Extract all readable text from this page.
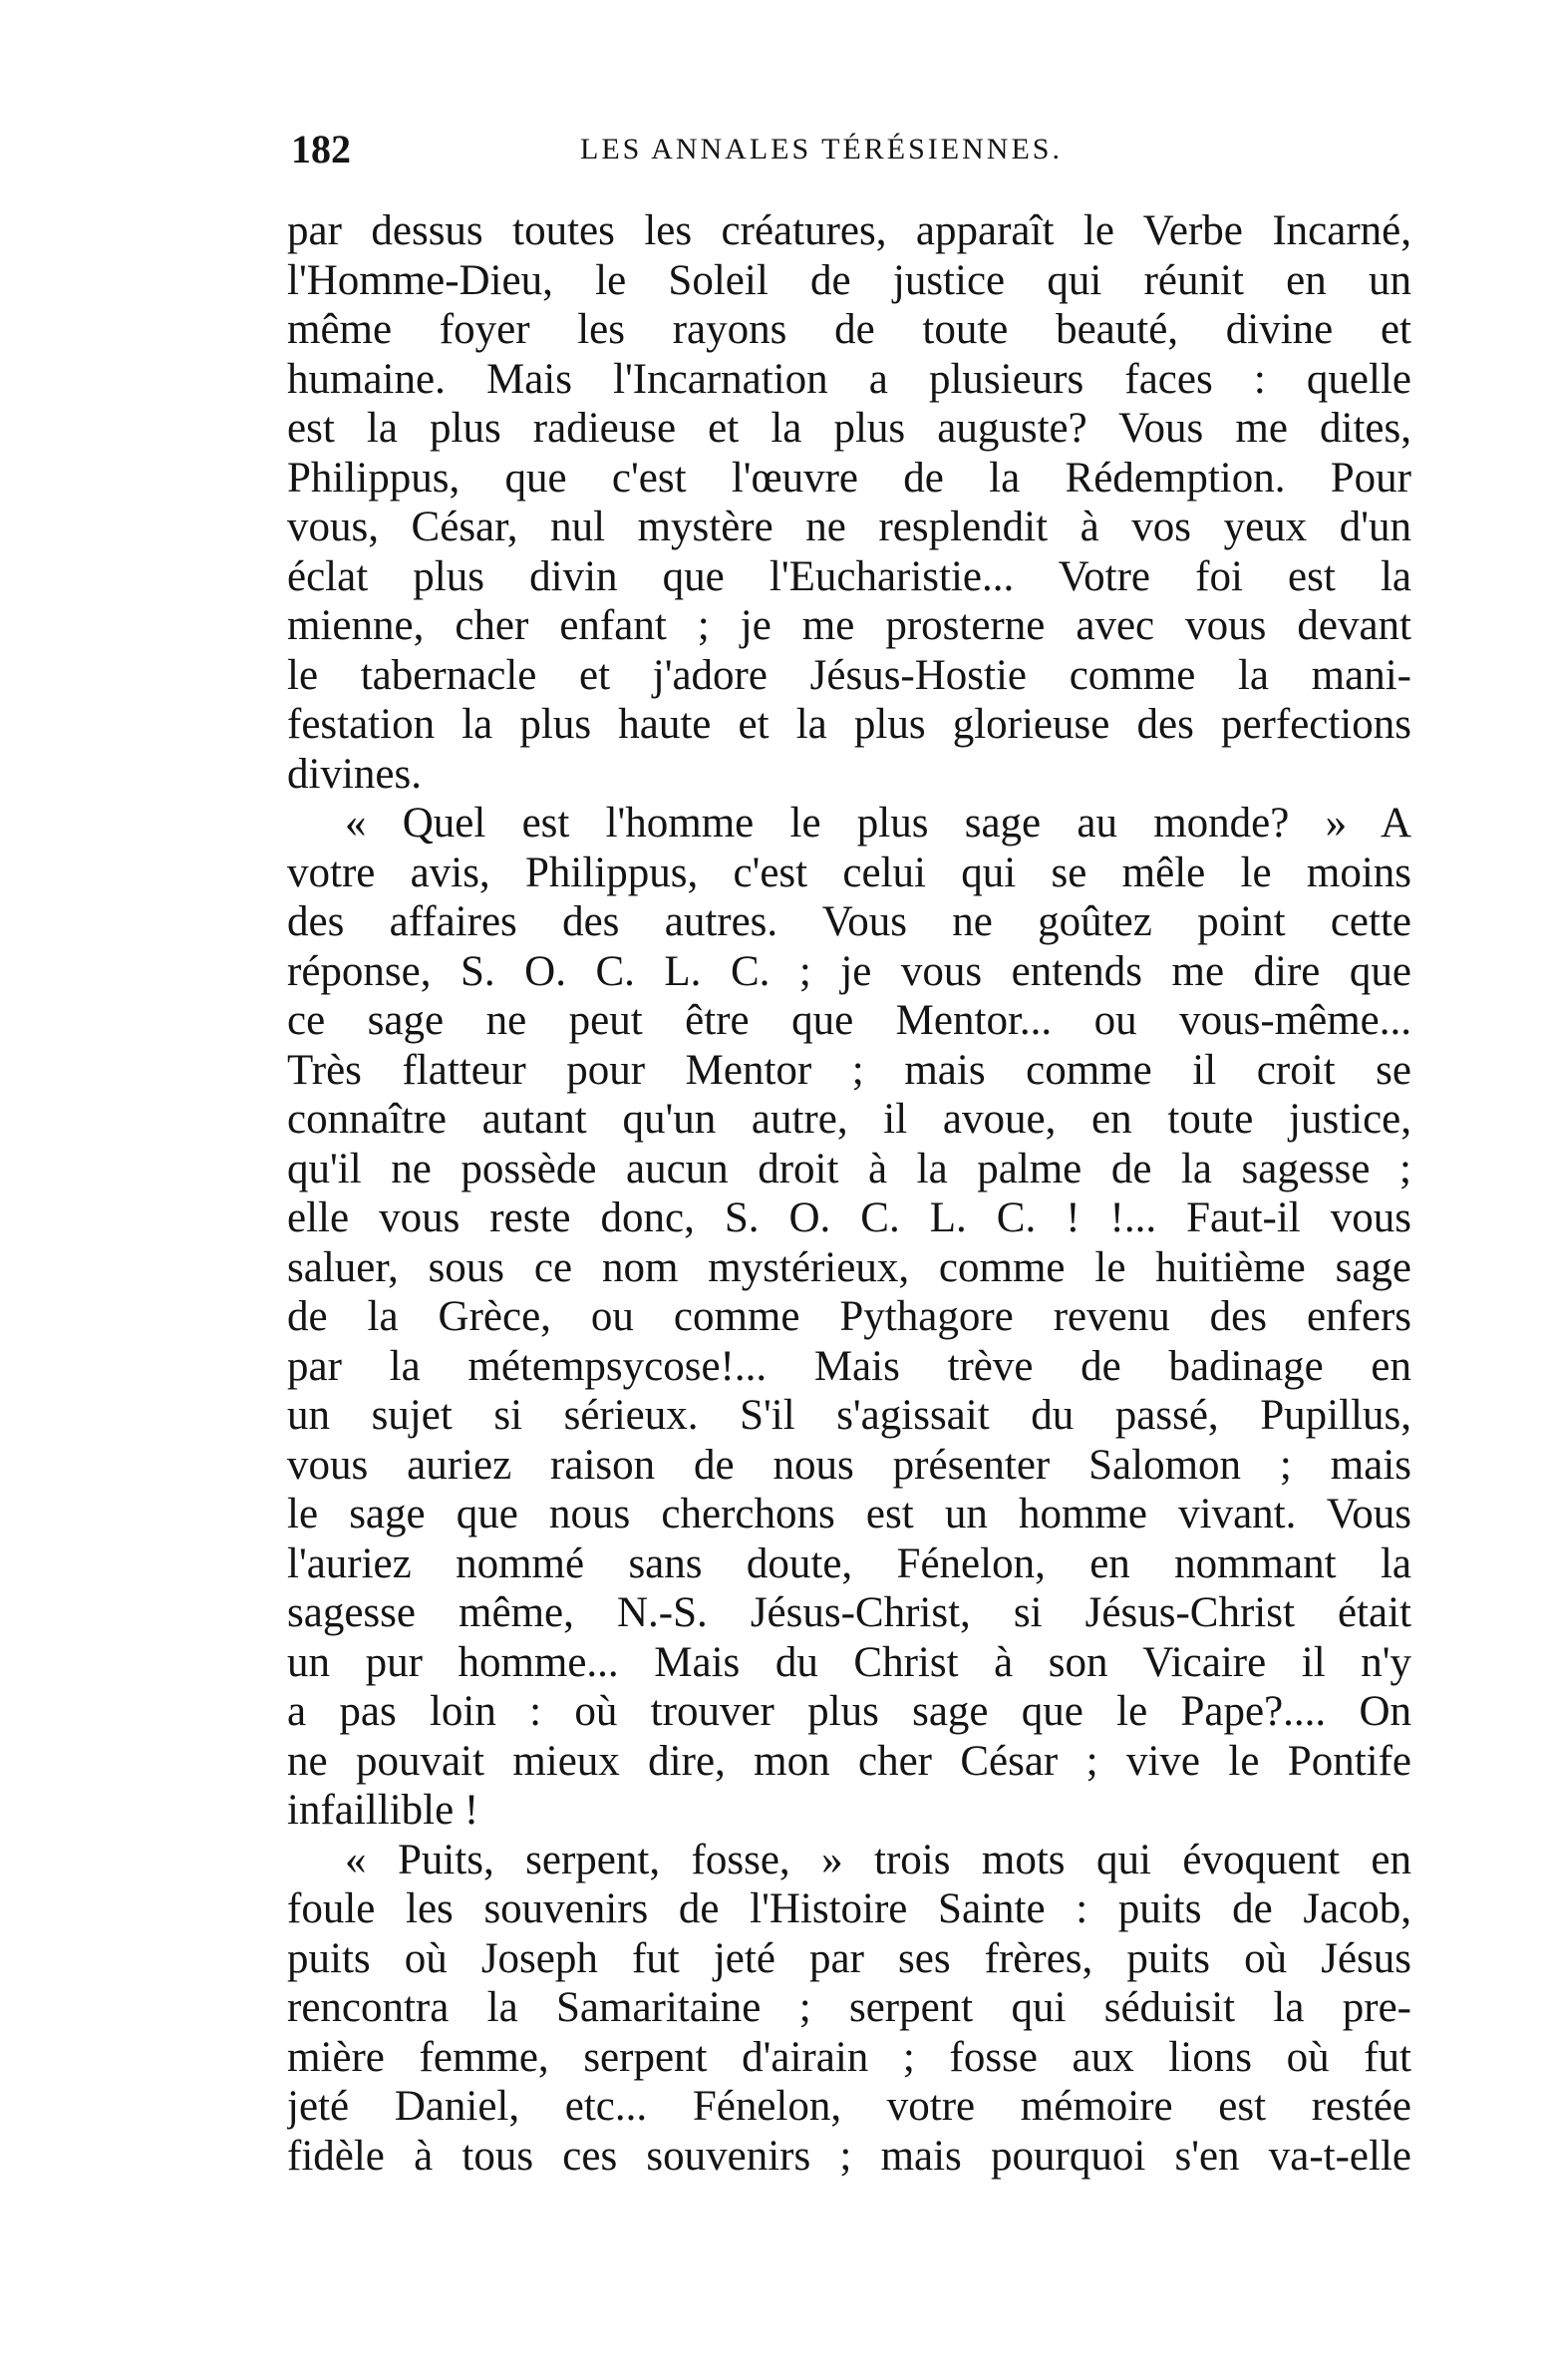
182	LES ANNALES TÉRÉSIENNES.
par dessus toutes les créatures, apparaît le Verbe Incarné,
l'Homme-Dieu, le Soleil de justice qui réunit en un
même foyer les rayons de toute beauté, divine et
humaine. Mais l'Incarnation a plusieurs faces : quelle
est la plus radieuse et la plus auguste? Vous me dites,
Philippus, que c'est l'œuvre de la Rédemption. Pour
vous, César, nul mystère ne resplendit à vos yeux d'un
éclat plus divin que l'Eucharistie... Votre foi est la
mienne, cher enfant ; je me prosterne avec vous devant
le tabernacle et j'adore Jésus-Hostie comme la mani-
festation la plus haute et la plus glorieuse des perfections
divines.
« Quel est l'homme le plus sage au monde? » A
votre avis, Philippus, c'est celui qui se mêle le moins
des affaires des autres. Vous ne goûtez point cette
réponse, S. O. C. L. C. ; je vous entends me dire que
ce sage ne peut être que Mentor... ou vous-même...
Très flatteur pour Mentor ; mais comme il croit se
connaître autant qu'un autre, il avoue, en toute justice,
qu'il ne possède aucun droit à la palme de la sagesse ;
elle vous reste donc, S. O. C. L. C. ! !... Faut-il vous
saluer, sous ce nom mystérieux, comme le huitième sage
de la Grèce, ou comme Pythagore revenu des enfers
par la métempsycose!... Mais trève de badinage en
un sujet si sérieux. S'il s'agissait du passé, Pupillus,
vous auriez raison de nous présenter Salomon ; mais
le sage que nous cherchons est un homme vivant. Vous
l'auriez nommé sans doute, Fénelon, en nommant la
sagesse même, N.-S. Jésus-Christ, si Jésus-Christ était
un pur homme... Mais du Christ à son Vicaire il n'y
a pas loin : où trouver plus sage que le Pape?.... On
ne pouvait mieux dire, mon cher César ; vive le Pontife
infaillible !
« Puits, serpent, fosse, » trois mots qui évoquent en
foule les souvenirs de l'Histoire Sainte : puits de Jacob,
puits où Joseph fut jeté par ses frères, puits où Jésus
rencontra la Samaritaine ; serpent qui séduisit la pre-
mière femme, serpent d'airain ; fosse aux lions où fut
jeté Daniel, etc... Fénelon, votre mémoire est restée
fidèle à tous ces souvenirs ; mais pourquoi s'en va-t-elle
